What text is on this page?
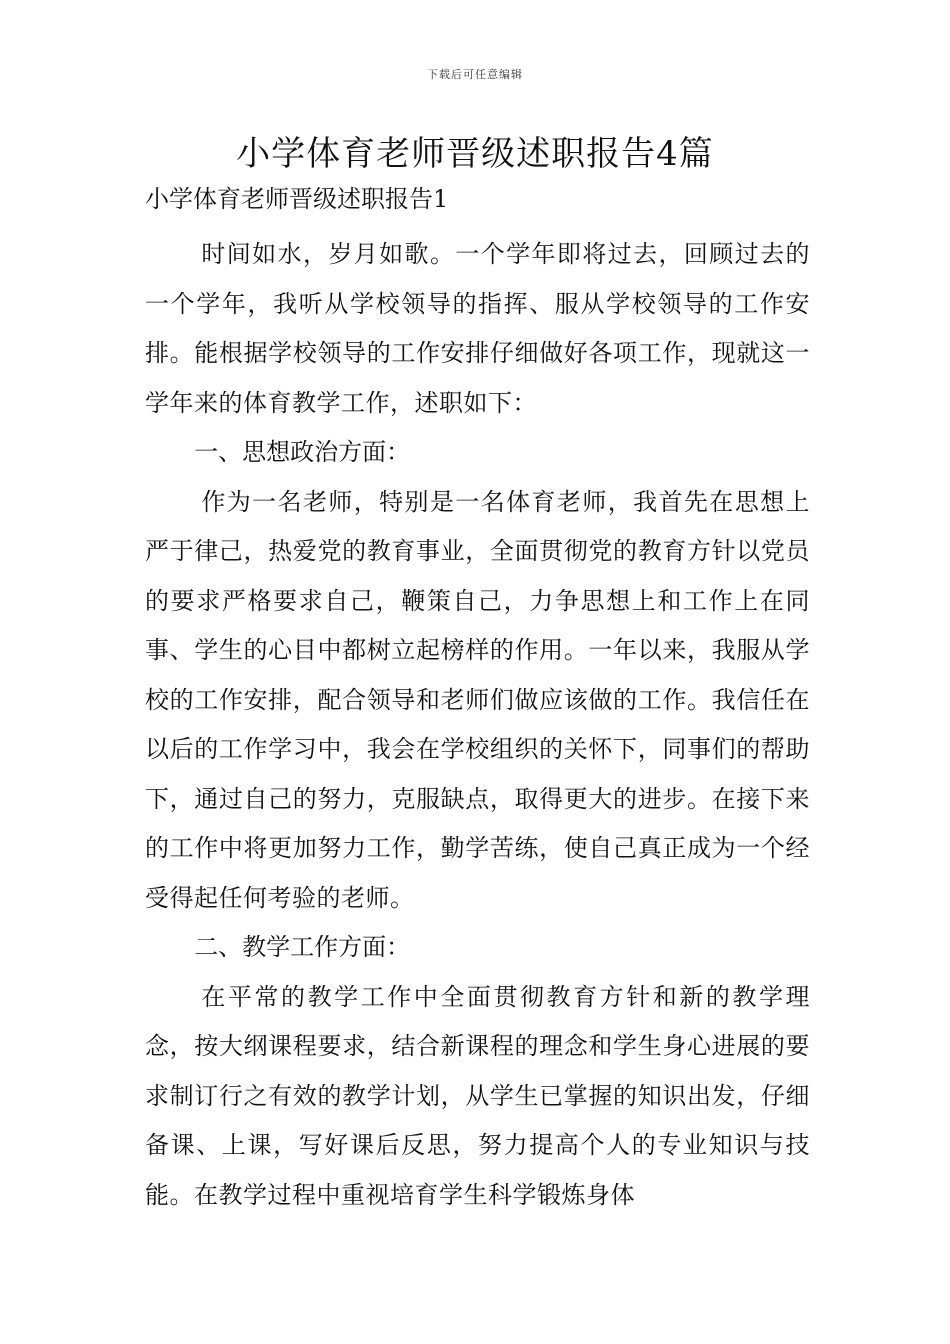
下载后可任意编辑
小学体育老师晋级述职报告4篇

小学体育老师晋级述职报告1

时间如水，岁月如歌。一个学年即将过去，回顾过去的一个学年，我听从学校领导的指挥、服从学校领导的工作安排。能根据学校领导的工作安排仔细做好各项工作，现就这一学年来的体育教学工作，述职如下：

一、思想政治方面：

作为一名老师，特别是一名体育老师，我首先在思想上严于律己，热爱党的教育事业，全面贯彻党的教育方针以党员的要求严格要求自己，鞭策自己，力争思想上和工作上在同事、学生的心目中都树立起榜样的作用。一年以来，我服从学校的工作安排，配合领导和老师们做应该做的工作。我信任在以后的工作学习中，我会在学校组织的关怀下，同事们的帮助下，通过自己的努力，克服缺点，取得更大的进步。在接下来的工作中将更加努力工作，勤学苦练，使自己真正成为一个经受得起任何考验的老师。

二、教学工作方面：

在平常的教学工作中全面贯彻教育方针和新的教学理念，按大纲课程要求，结合新课程的理念和学生身心进展的要求制订行之有效的教学计划，从学生已掌握的知识出发，仔细备课、上课，写好课后反思，努力提高个人的专业知识与技能。在教学过程中重视培育学生科学锻炼身体
